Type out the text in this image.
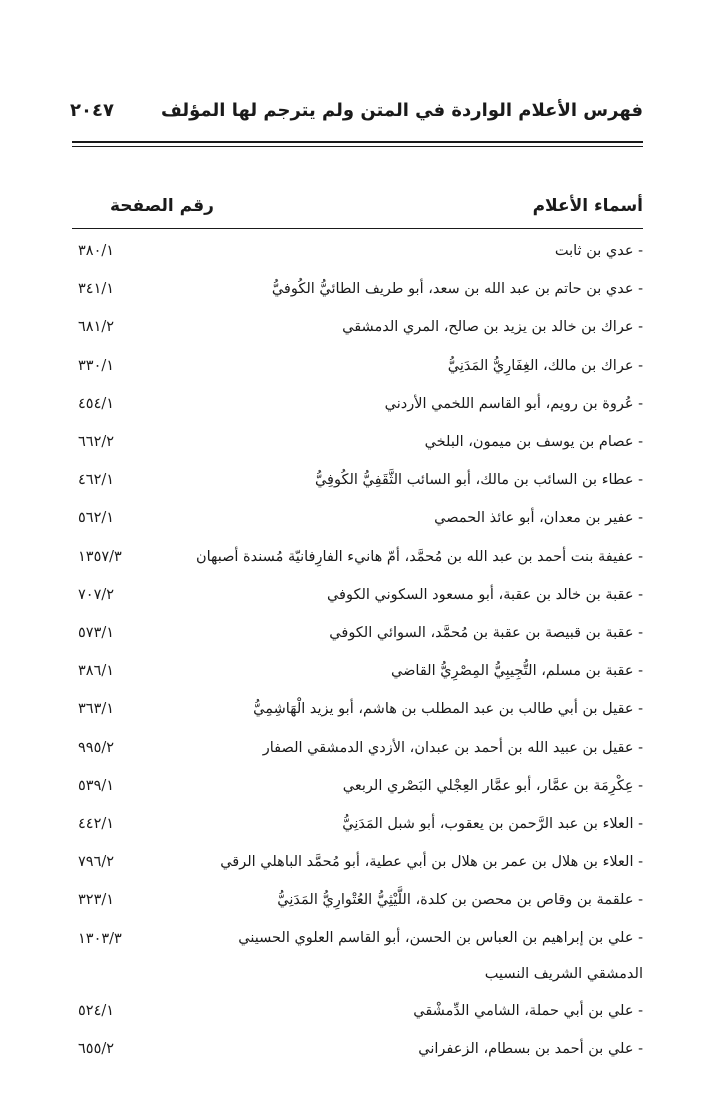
فهرس الأعلام الواردة في المتن ولم يترجم لها المؤلف
٢٠٤٧
أسماء الأعلام
رقم الصفحة
- عدي بن ثابت
٣٨٠/١
- عدي بن حاتم بن عبد الله بن سعد، أبو طريف الطائيُّ الكُوفيُّ
٣٤١/١
- عراك بن خالد بن يزيد بن صالح، المري الدمشقي
٦٨١/٢
- عراك بن مالك، الغِفَارِيُّ المَدَنِيُّ
٣٣٠/١
- عُروة بن رويم، أبو القاسم اللخمي الأردني
٤٥٤/١
- عصام بن يوسف بن ميمون، البلخي
٦٦٢/٢
- عطاء بن السائب بن مالك، أبو السائب الثَّقَفِيُّ الكُوفِيُّ
٤٦٢/١
- عفير بن معدان، أبو عائذ الحمصي
٥٦٢/١
- عفيفة بنت أحمد بن عبد الله بن مُحمَّد، أمّ هانيء الفارِفانيّة مُسندة أصبهان
١٣٥٧/٣
- عقبة بن خالد بن عقبة، أبو مسعود السكوني الكوفي
٧٠٧/٢
- عقبة بن قبيصة بن عقبة بن مُحمَّد، السوائي الكوفي
٥٧٣/١
- عقبة بن مسلم، التُّجِيبِيُّ المِصْرِيُّ القاضي
٣٨٦/١
- عقيل بن أبي طالب بن عبد المطلب بن هاشم، أبو يزيد الْهَاشِمِيُّ
٣٦٣/١
- عقيل بن عبيد الله بن أحمد بن عبدان، الأزدي الدمشقي الصفار
٩٩٥/٢
- عِكْرِمَة بن عمَّار، أبو عمَّار العِجْلي البَصْري الربعي
٥٣٩/١
- العلاء بن عبد الرَّحمن بن يعقوب، أبو شبل المَدَنِيُّ
٤٤٢/١
- العلاء بن هلال بن عمر بن هلال بن أبي عطية، أبو مُحمَّد الباهلي الرقي
٧٩٦/٢
- علقمة بن وقاص بن محصن بن كلدة، اللَّيْثِيُّ العُتْوارِيُّ المَدَنِيُّ
٣٢٣/١
- علي بن إبراهيم بن العباس بن الحسن، أبو القاسم العلوي الحسيني الدمشقي الشريف النسيب
١٣٠٣/٣
- علي بن أبي حملة، الشامي الدِّمشْقي
٥٢٤/١
- علي بن أحمد بن بسطام، الزعفراني
٦٥٥/٢
